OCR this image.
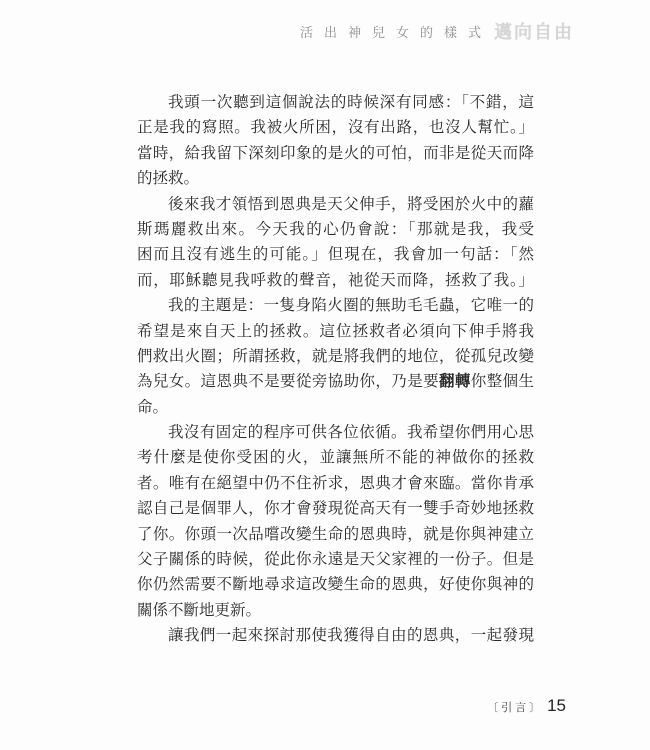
活出神兒女的樣式 邁向自由
我頭一次聽到這個說法的時候深有同感：「不錯，這
正是我的寫照。我被火所困，沒有出路，也沒人幫忙。」
當時，給我留下深刻印象的是火的可怕，而非是從天而降
的拯救。
後來我才領悟到恩典是天父伸手，將受困於火中的蘿
斯瑪麗救出來。今天我的心仍會說：「那就是我，我受
困而且沒有逃生的可能。」但現在，我會加一句話：「然
而，耶穌聽見我呼救的聲音，祂從天而降，拯救了我。」
我的主題是：一隻身陷火圈的無助毛毛蟲，它唯一的
希望是來自天上的拯救。這位拯救者必須向下伸手將我
們救出火圈；所謂拯救，就是將我們的地位，從孤兒改變
為兒女。這恩典不是要從旁協助你，乃是要翻轉你整個生
命。
我沒有固定的程序可供各位依循。我希望你們用心思
考什麼是使你受困的火，並讓無所不能的神做你的拯救
者。唯有在絕望中仍不住祈求，恩典才會來臨。當你肯承
認自己是個罪人，你才會發現從高天有一雙手奇妙地拯救
了你。你頭一次品嚐改變生命的恩典時，就是你與神建立
父子關係的時候，從此你永遠是天父家裡的一份子。但是
你仍然需要不斷地尋求這改變生命的恩典，好使你與神的
關係不斷地更新。
讓我們一起來探討那使我獲得自由的恩典，一起發現
〔引言〕 15
